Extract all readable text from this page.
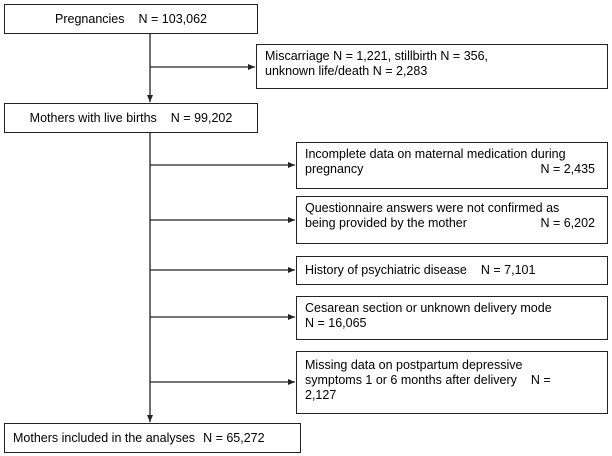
Pregnancies N = 103,062
Miscarriage N = 1,221, stillbirth N = 356,
unknown life/death N = 2,283
Mothers with live births N = 99,202
Incomplete data on maternal medication during
pregnancy	N = 2,435
Questionnaire answers were not confirmed as
being provided by the mother	N = 6,202
History of psychiatric disease N = 7,101
Cesarean section or unknown delivery mode
N = 16,065
Missing data on postpartum depressive
symptoms 1 or 6 months after delivery N =
2,127
Mothers included in the analyses N = 65,272
